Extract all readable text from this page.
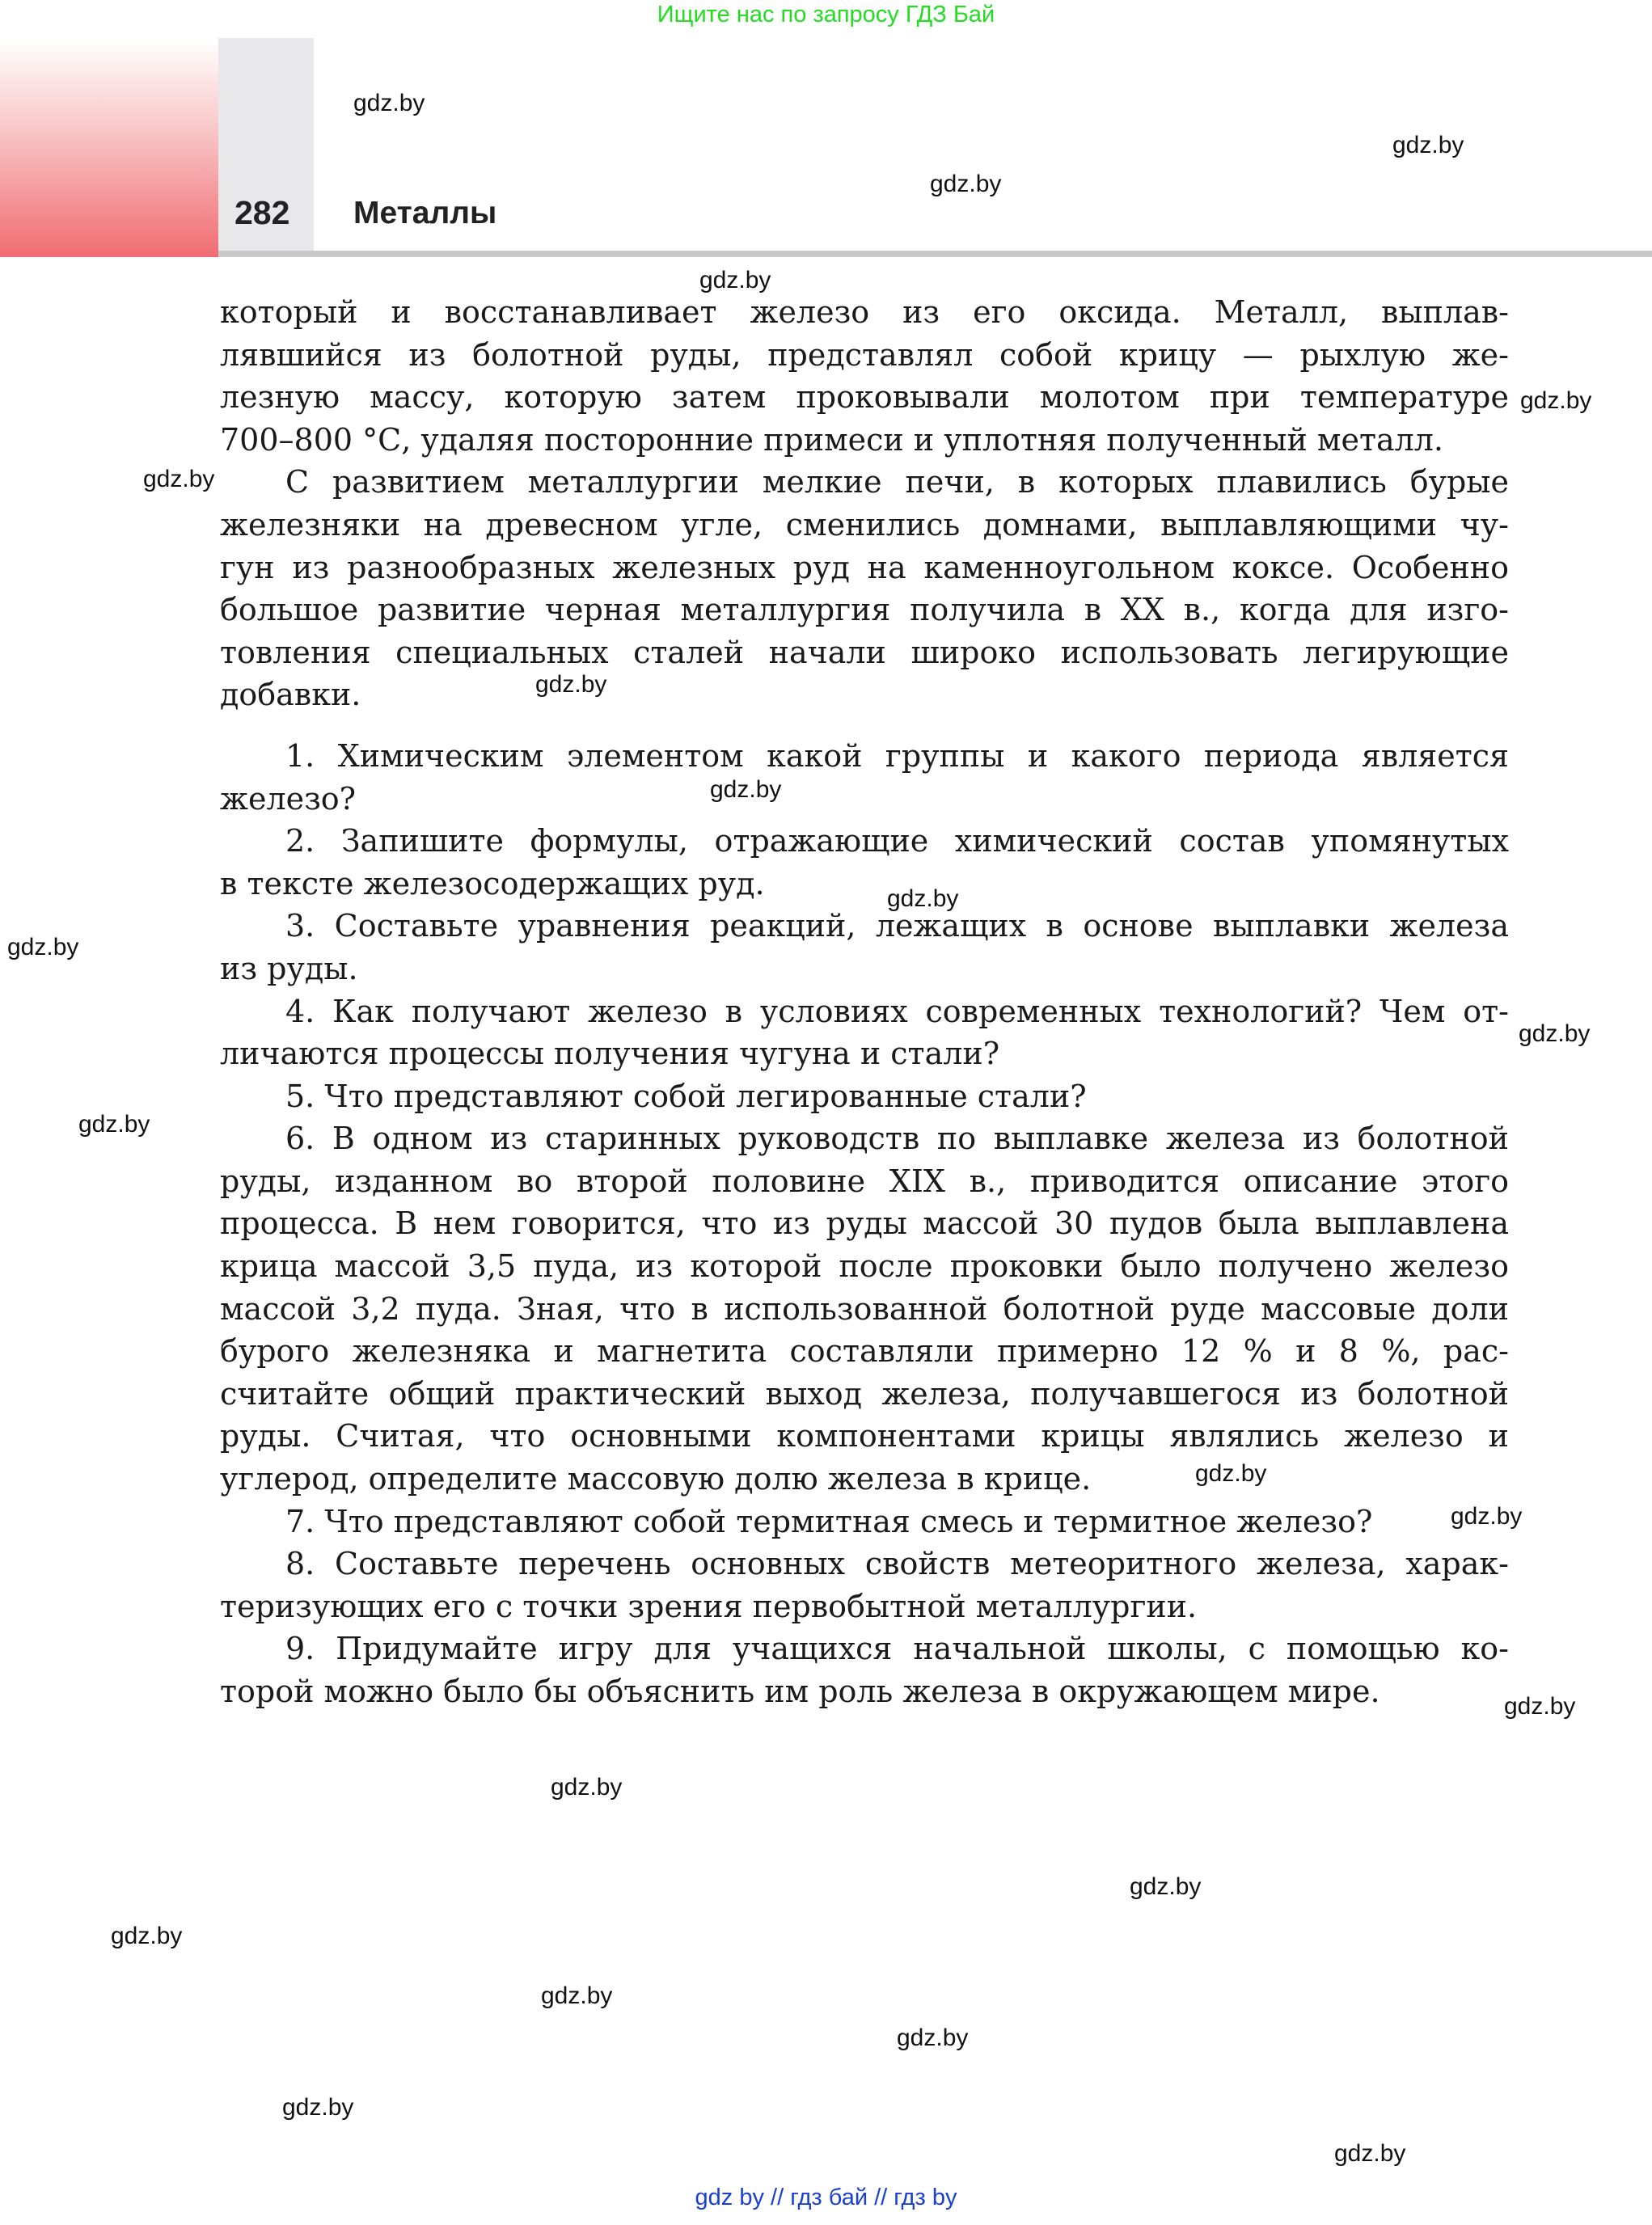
Ищите нас по запросу ГДЗ Бай
282 Металлы
который и восстанавливает железо из его оксида. Металл, выплав-
лявшийся из болотной руды, представлял собой крицу — рыхлую же-
лезную массу, которую затем проковывали молотом при температуре
700–800 °С, удаляя посторонние примеси и уплотняя полученный металл.
С развитием металлургии мелкие печи, в которых плавились бурые
железняки на древесном угле, сменились домнами, выплавляющими чу-
гун из разнообразных железных руд на каменноугольном коксе. Особенно
большое развитие черная металлургия получила в XX в., когда для изго-
товления специальных сталей начали широко использовать легирующие
добавки.
1. Химическим элементом какой группы и какого периода является
железо?
2. Запишите формулы, отражающие химический состав упомянутых
в тексте железосодержащих руд.
3. Составьте уравнения реакций, лежащих в основе выплавки железа
из руды.
4. Как получают железо в условиях современных технологий? Чем от-
личаются процессы получения чугуна и стали?
5. Что представляют собой легированные стали?
6. В одном из старинных руководств по выплавке железа из болотной
руды, изданном во второй половине XIX в., приводится описание этого
процесса. В нем говорится, что из руды массой 30 пудов была выплавлена
крица массой 3,5 пуда, из которой после проковки было получено железо
массой 3,2 пуда. Зная, что в использованной болотной руде массовые доли
бурого железняка и магнетита составляли примерно 12 % и 8 %, рас-
считайте общий практический выход железа, получавшегося из болотной
руды. Считая, что основными компонентами крицы являлись железо и
углерод, определите массовую долю железа в крице.
7. Что представляют собой термитная смесь и термитное железо?
8. Составьте перечень основных свойств метеоритного железа, харак-
теризующих его с точки зрения первобытной металлургии.
9. Придумайте игру для учащихся начальной школы, с помощью ко-
торой можно было бы объяснить им роль железа в окружающем мире.
gdz.by
gdz.by
gdz.by
gdz.by
gdz.by
gdz.by
gdz.by
gdz.by
gdz.by
gdz.by
gdz.by
gdz.by
gdz.by
gdz.by
gdz.by
gdz.by
gdz.by
gdz.by
gdz.by
gdz.by
gdz.by
gdz.by
gdz by // гдз бай // гдз by
